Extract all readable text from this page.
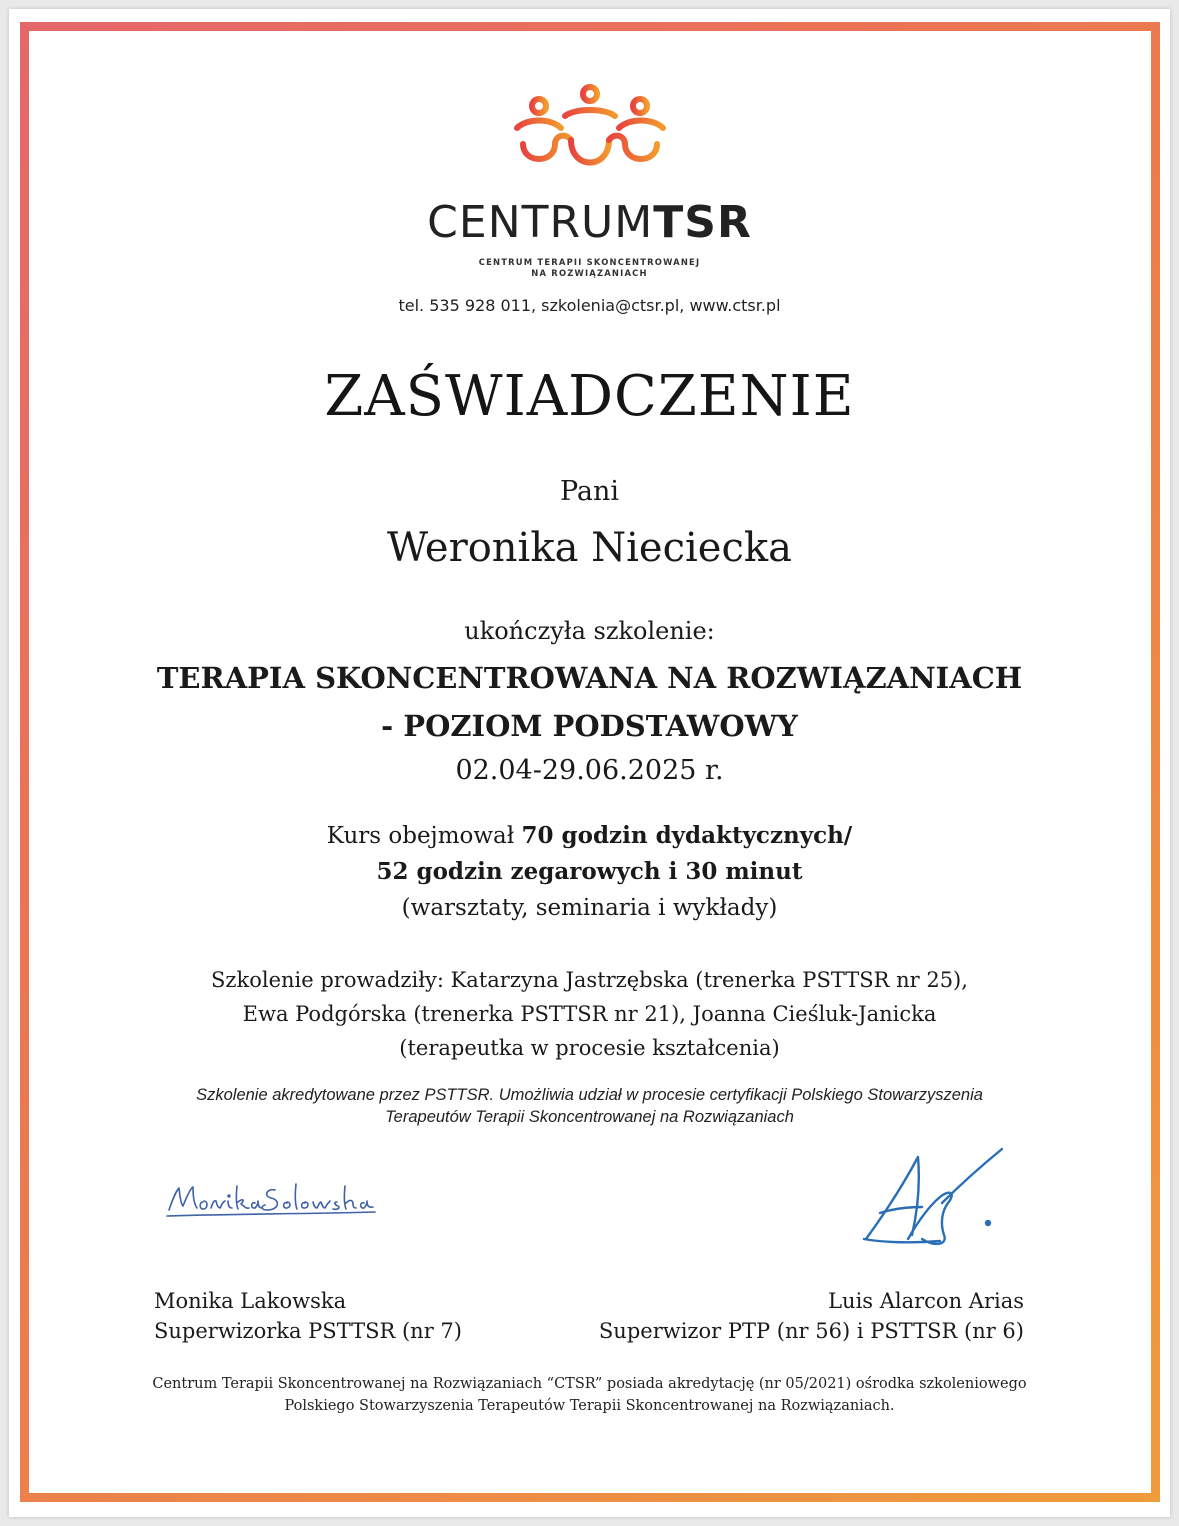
CENTRUMTSR
CENTRUM TERAPII SKONCENTROWANEJ
NA ROZWIĄZANIACH
tel. 535 928 011, szkolenia@ctsr.pl, www.ctsr.pl
ZAŚWIADCZENIE
Pani
Weronika Nieciecka
ukończyła szkolenie:
TERAPIA SKONCENTROWANA NA ROZWIĄZANIACH
- POZIOM PODSTAWOWY
02.04-29.06.2025 r.
Kurs obejmował 70 godzin dydaktycznych/
52 godzin zegarowych i 30 minut
(warsztaty, seminaria i wykłady)
Szkolenie prowadziły: Katarzyna Jastrzębska (trenerka PSTTSR nr 25),
Ewa Podgórska (trenerka PSTTSR nr 21), Joanna Cieśluk-Janicka
(terapeutka w procesie kształcenia)
Szkolenie akredytowane przez PSTTSR. Umożliwia udział w procesie certyfikacji Polskiego Stowarzyszenia
Terapeutów Terapii Skoncentrowanej na Rozwiązaniach
Monika Lakowska
Superwizorka PSTTSR (nr 7)
Luis Alarcon Arias
Superwizor PTP (nr 56) i PSTTSR (nr 6)
Centrum Terapii Skoncentrowanej na Rozwiązaniach “CTSR” posiada akredytację (nr 05/2021) ośrodka szkoleniowego
Polskiego Stowarzyszenia Terapeutów Terapii Skoncentrowanej na Rozwiązaniach.
